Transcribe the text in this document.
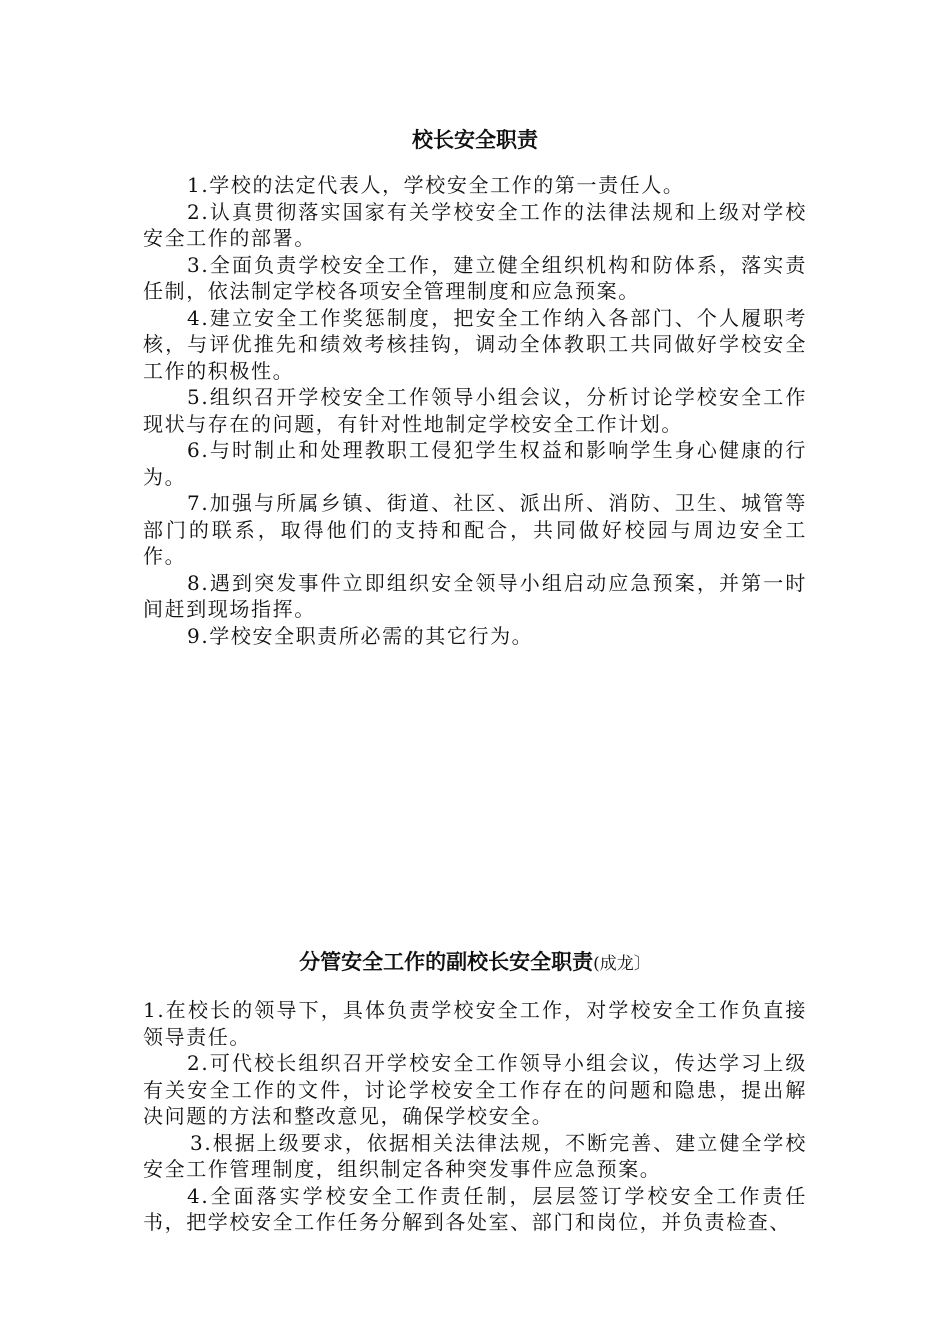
校长安全职责

1.学校的法定代表人，学校安全工作的第一责任人。

2.认真贯彻落实国家有关学校安全工作的法律法规和上级对学校安全工作的部署。

3.全面负责学校安全工作，建立健全组织机构和防体系，落实责任制，依法制定学校各项安全管理制度和应急预案。

4.建立安全工作奖惩制度，把安全工作纳入各部门、个人履职考核，与评优推先和绩效考核挂钩，调动全体教职工共同做好学校安全工作的积极性。

5.组织召开学校安全工作领导小组会议，分析讨论学校安全工作现状与存在的问题，有针对性地制定学校安全工作计划。

6.与时制止和处理教职工侵犯学生权益和影响学生身心健康的行为。

7.加强与所属乡镇、街道、社区、派出所、消防、卫生、城管等部门的联系，取得他们的支持和配合，共同做好校园与周边安全工作。

8.遇到突发事件立即组织安全领导小组启动应急预案，并第一时间赶到现场指挥。

9.学校安全职责所必需的其它行为。

分管安全工作的副校长安全职责(成龙〕

1.在校长的领导下，具体负责学校安全工作，对学校安全工作负直接领导责任。

2.可代校长组织召开学校安全工作领导小组会议，传达学习上级有关安全工作的文件，讨论学校安全工作存在的问题和隐患，提出解决问题的方法和整改意见，确保学校安全。

3.根据上级要求，依据相关法律法规，不断完善、建立健全学校安全工作管理制度，组织制定各种突发事件应急预案。

4.全面落实学校安全工作责任制，层层签订学校安全工作责任书，把学校安全工作任务分解到各处室、部门和岗位，并负责检查、
